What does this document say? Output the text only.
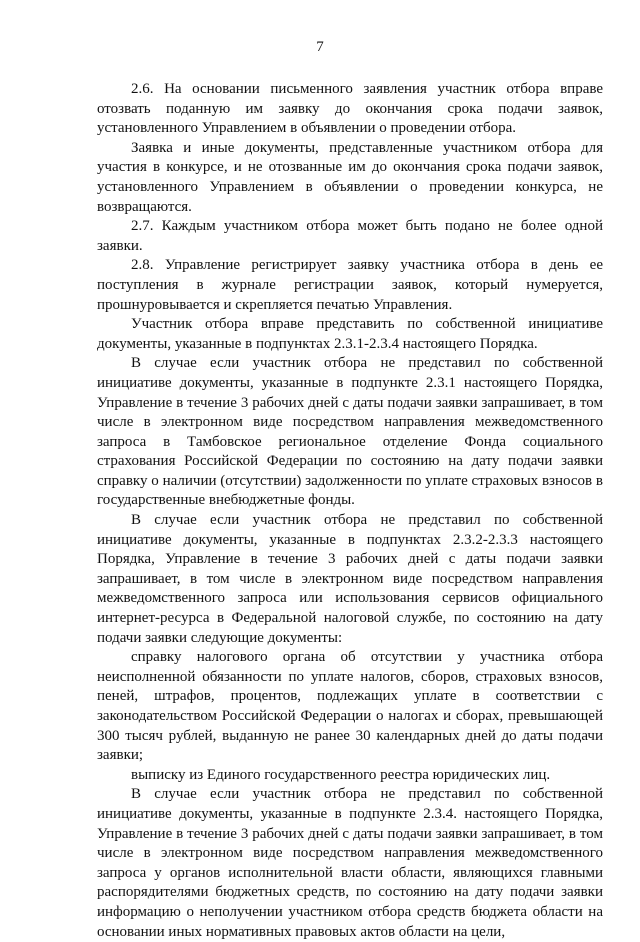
7

2.6. На основании письменного заявления участник отбора вправе отозвать поданную им заявку до окончания срока подачи заявок, установленного Управлением в объявлении о проведении отбора.

Заявка и иные документы, представленные участником отбора для участия в конкурсе, и не отозванные им до окончания срока подачи заявок, установленного Управлением в объявлении о проведении конкурса, не возвращаются.

2.7. Каждым участником отбора может быть подано не более одной заявки.

2.8. Управление регистрирует заявку участника отбора в день ее поступления в журнале регистрации заявок, который нумеруется, прошнуровывается и скрепляется печатью Управления.

Участник отбора вправе представить по собственной инициативе документы, указанные в подпунктах 2.3.1-2.3.4 настоящего Порядка.

В случае если участник отбора не представил по собственной инициативе документы, указанные в подпункте 2.3.1 настоящего Порядка, Управление в течение 3 рабочих дней с даты подачи заявки запрашивает, в том числе в электронном виде посредством направления межведомственного запроса в Тамбовское региональное отделение Фонда социального страхования Российской Федерации по состоянию на дату подачи заявки справку о наличии (отсутствии) задолженности по уплате страховых взносов в государственные внебюджетные фонды.

В случае если участник отбора не представил по собственной инициативе документы, указанные в подпунктах 2.3.2-2.3.3 настоящего Порядка, Управление в течение 3 рабочих дней с даты подачи заявки запрашивает, в том числе в электронном виде посредством направления межведомственного запроса или использования сервисов официального интернет-ресурса в Федеральной налоговой службе, по состоянию на дату подачи заявки следующие документы:

справку налогового органа об отсутствии у участника отбора неисполненной обязанности по уплате налогов, сборов, страховых взносов, пеней, штрафов, процентов, подлежащих уплате в соответствии с законодательством Российской Федерации о налогах и сборах, превышающей 300 тысяч рублей, выданную не ранее 30 календарных дней до даты подачи заявки;

выписку из Единого государственного реестра юридических лиц.

В случае если участник отбора не представил по собственной инициативе документы, указанные в подпункте 2.3.4. настоящего Порядка, Управление в течение 3 рабочих дней с даты подачи заявки запрашивает, в том числе в электронном виде посредством направления межведомственного запроса у органов исполнительной власти области, являющихся главными распорядителями бюджетных средств, по состоянию на дату подачи заявки информацию о неполучении участником отбора средств бюджета области на основании иных нормативных правовых актов области на цели,
